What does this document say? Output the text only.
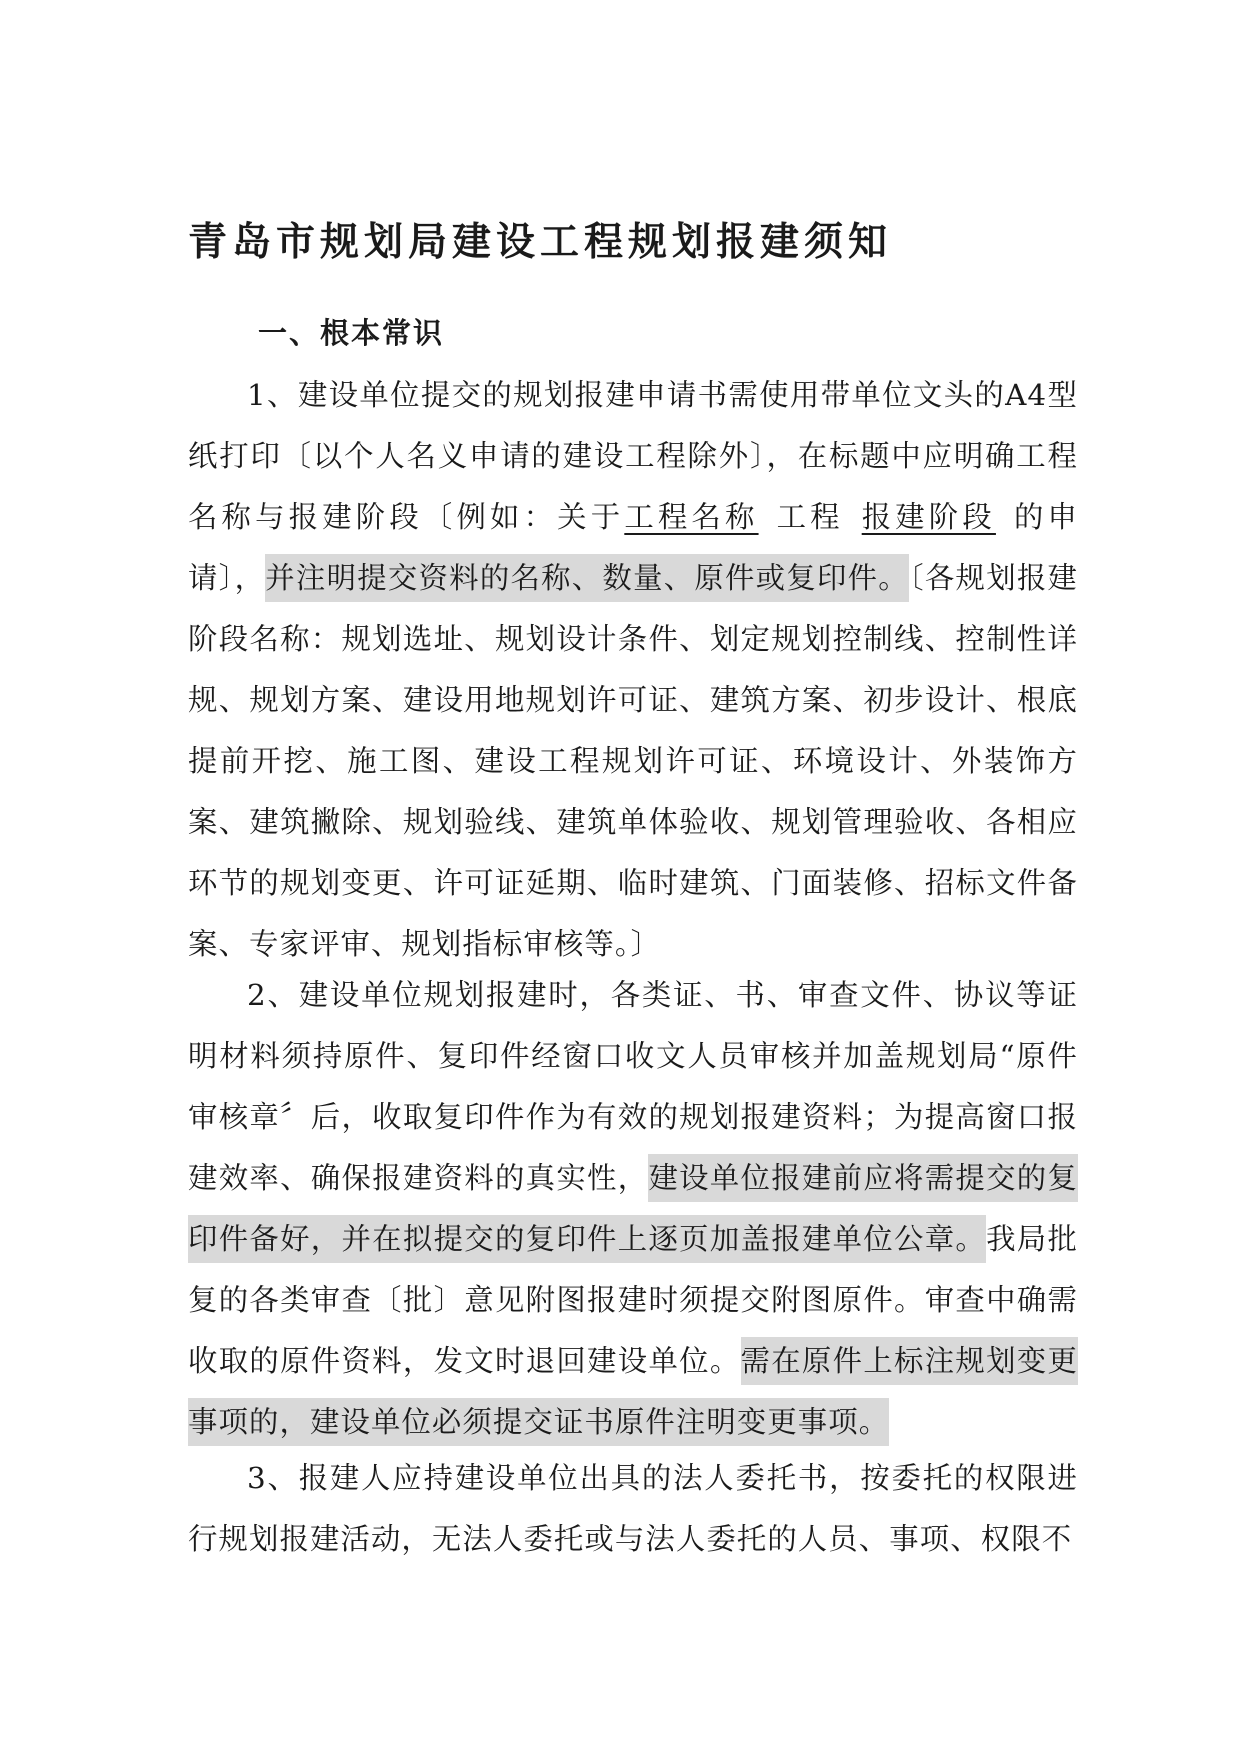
青岛市规划局建设工程规划报建须知
一、根本常识

1、建设单位提交的规划报建申请书需使用带单位文头的A4型纸打印〔以个人名义申请的建设工程除外〕，在标题中应明确工程名称与报建阶段〔例如：关于工程名称 工程 报建阶段 的申请〕，并注明提交资料的名称、数量、原件或复印件。〔各规划报建阶段名称：规划选址、规划设计条件、划定规划控制线、控制性详规、规划方案、建设用地规划许可证、建筑方案、初步设计、根底提前开挖、施工图、建设工程规划许可证、环境设计、外装饰方案、建筑撇除、规划验线、建筑单体验收、规划管理验收、各相应环节的规划变更、许可证延期、临时建筑、门面装修、招标文件备案、专家评审、规划指标审核等。〕

2、建设单位规划报建时，各类证、书、审查文件、协议等证明材料须持原件、复印件经窗口收文人员审核并加盖规划局“原件审核章〞后，收取复印件作为有效的规划报建资料；为提高窗口报建效率、确保报建资料的真实性，建设单位报建前应将需提交的复印件备好，并在拟提交的复印件上逐页加盖报建单位公章。我局批复的各类审查〔批〕意见附图报建时须提交附图原件。审查中确需收取的原件资料，发文时退回建设单位。需在原件上标注规划变更事项的，建设单位必须提交证书原件注明变更事项。

3、报建人应持建设单位出具的法人委托书，按委托的权限进行规划报建活动，无法人委托或与法人委托的人员、事项、权限不
